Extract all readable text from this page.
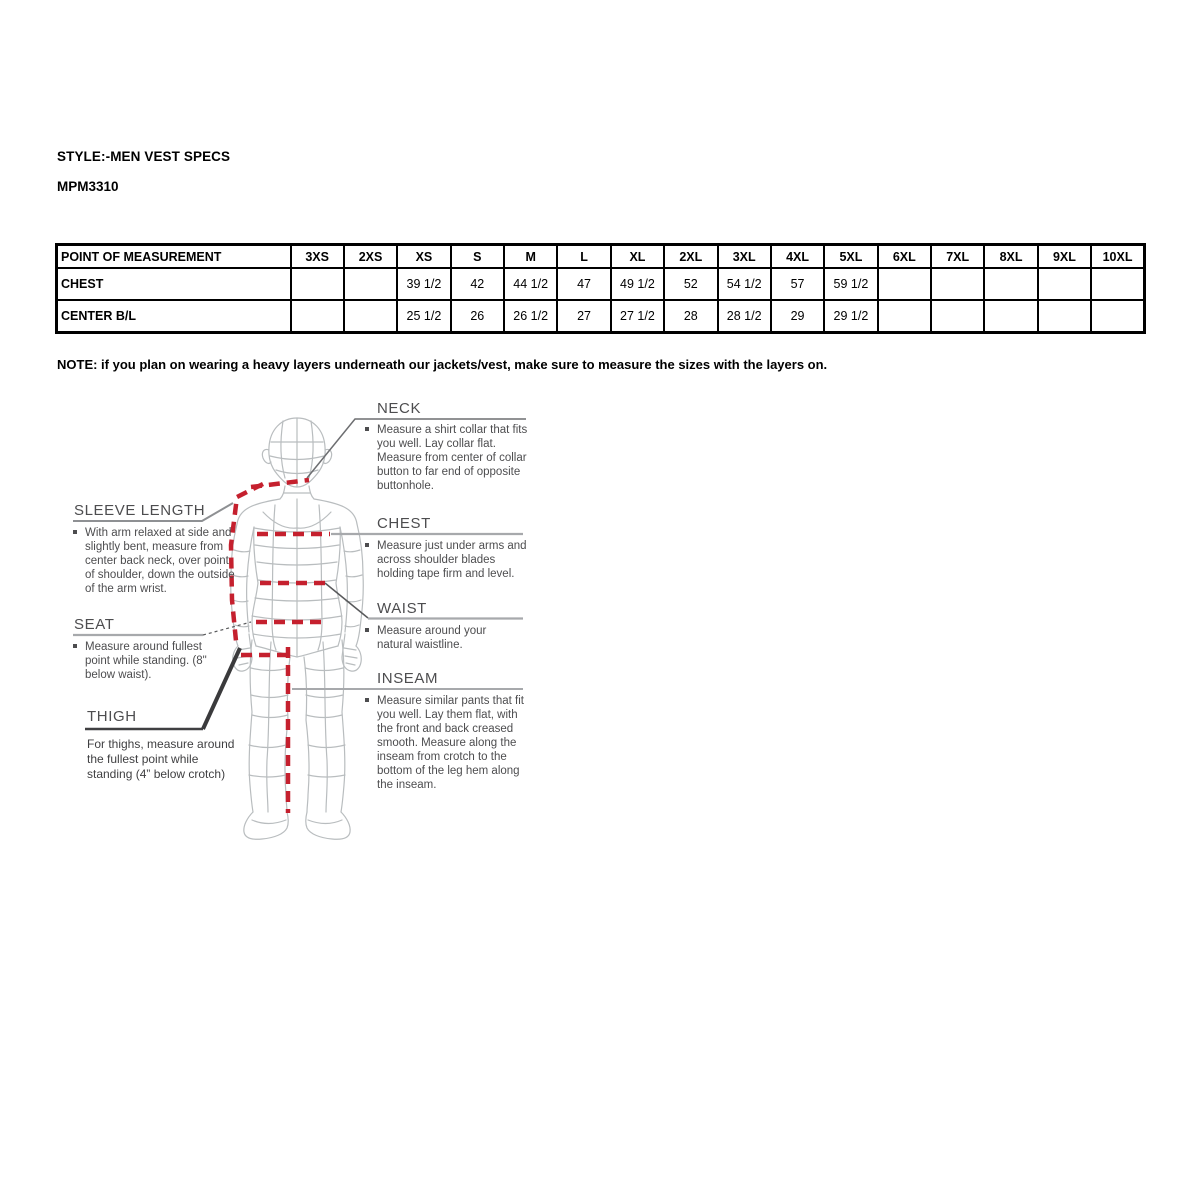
STYLE:-MEN VEST SPECS
MPM3310
POINT OF MEASUREMENT	3XS	2XS	XS	S	M	L	XL	2XL	3XL	4XL	5XL	6XL	7XL	8XL	9XL	10XL
CHEST			39 1/2	42	44 1/2	47	49 1/2	52	54 1/2	57	59 1/2					
CENTER B/L			25 1/2	26	26 1/2	27	27 1/2	28	28 1/2	29	29 1/2					
NOTE: if you plan on wearing a heavy layers underneath our jackets/vest, make sure to measure the sizes with the layers on.
NECK
Measure a shirt collar that fits you well. Lay collar flat. Measure from center of collar button to far end of opposite buttonhole.
CHEST
Measure just under arms and across shoulder blades holding tape firm and level.
WAIST
Measure around your natural waistline.
INSEAM
Measure similar pants that fit you well. Lay them flat, with the front and back creased smooth. Measure along the inseam from crotch to the bottom of the leg hem along the inseam.
SLEEVE LENGTH
With arm relaxed at side and slightly bent, measure from center back neck, over point of shoulder, down the outside of the arm wrist.
SEAT
Measure around fullest point while standing. (8" below waist).
THIGH
For thighs, measure around the fullest point while standing (4” below crotch)
